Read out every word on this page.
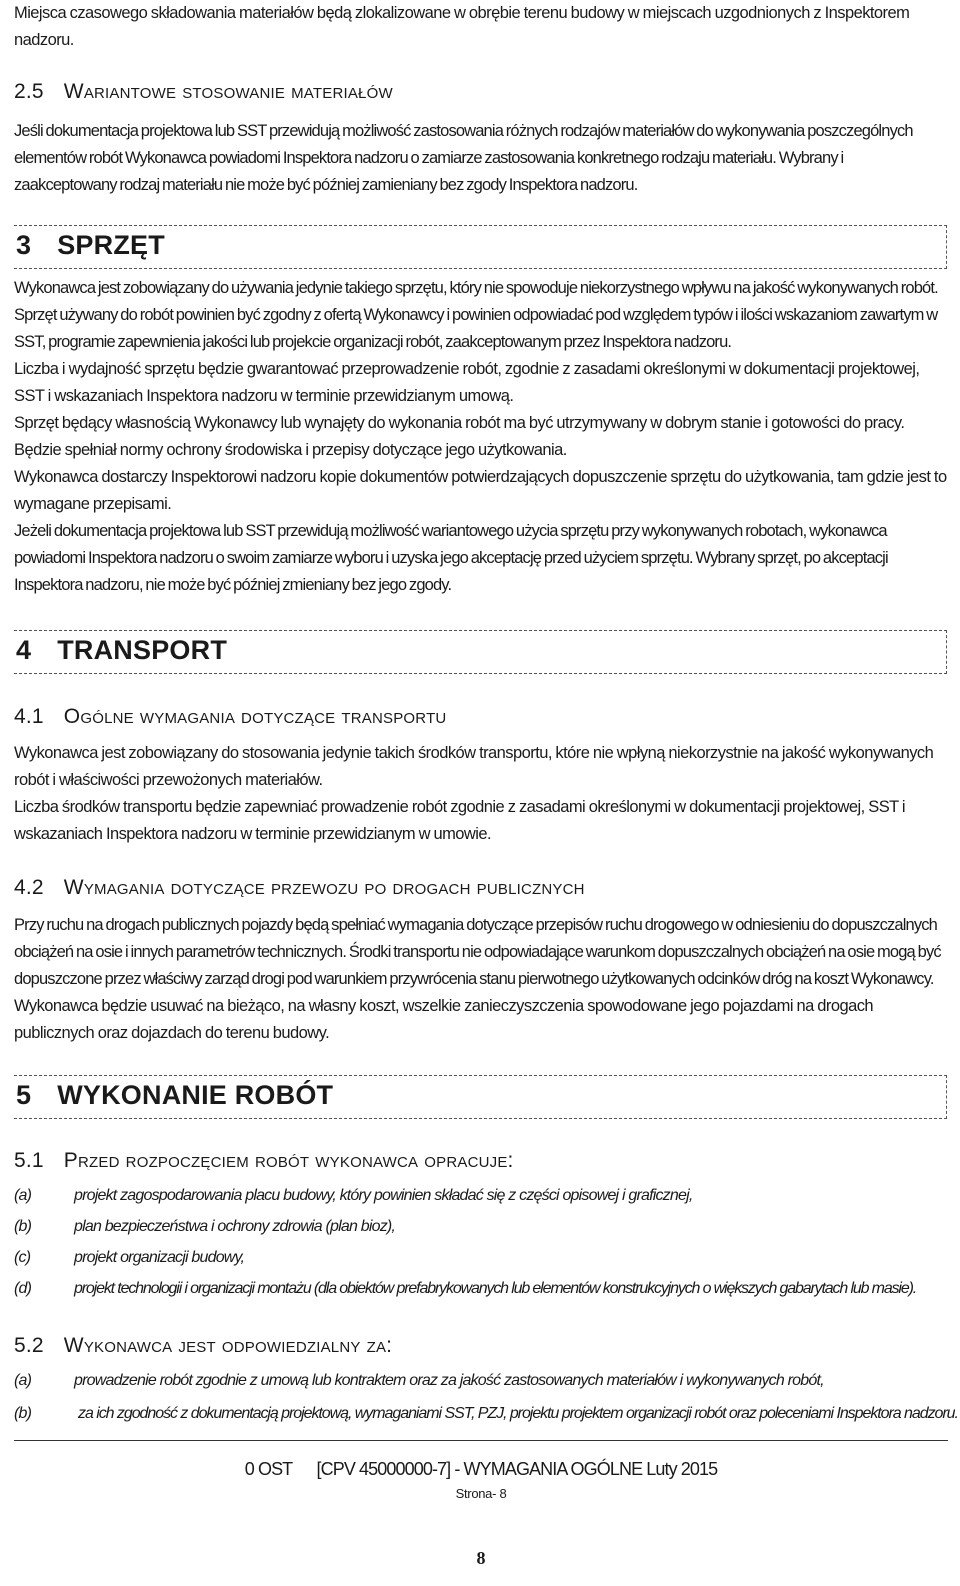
Miejsca czasowego składowania materiałów będą zlokalizowane w obrębie terenu budowy w miejscach uzgodnionych z Inspektorem nadzoru.

2.5 Wariantowe stosowanie materiałów

Jeśli dokumentacja projektowa lub SST przewidują możliwość zastosowania różnych rodzajów materiałów do wykonywania poszczególnych elementów robót Wykonawca powiadomi Inspektora nadzoru o zamiarze zastosowania konkretnego rodzaju materiału. Wybrany i zaakceptowany rodzaj materiału nie może być później zamieniany bez zgody Inspektora nadzoru.

3 SPRZĘT

Wykonawca jest zobowiązany do używania jedynie takiego sprzętu, który nie spowoduje niekorzystnego wpływu na jakość wykonywanych robót. Sprzęt używany do robót powinien być zgodny z ofertą Wykonawcy i powinien odpowiadać pod względem typów i ilości wskazaniom zawartym w SST, programie zapewnienia jakości lub projekcie organizacji robót, zaakceptowanym przez Inspektora nadzoru.

Liczba i wydajność sprzętu będzie gwarantować przeprowadzenie robót, zgodnie z zasadami określonymi w dokumentacji projektowej, SST i wskazaniach Inspektora nadzoru w terminie przewidzianym umową.

Sprzęt będący własnością Wykonawcy lub wynajęty do wykonania robót ma być utrzymywany w dobrym stanie i gotowości do pracy. Będzie spełniał normy ochrony środowiska i przepisy dotyczące jego użytkowania.

Wykonawca dostarczy Inspektorowi nadzoru kopie dokumentów potwierdzających dopuszczenie sprzętu do użytkowania, tam gdzie jest to wymagane przepisami.

Jeżeli dokumentacja projektowa lub SST przewidują możliwość wariantowego użycia sprzętu przy wykonywanych robotach, wykonawca powiadomi Inspektora nadzoru o swoim zamiarze wyboru i uzyska jego akceptację przed użyciem sprzętu. Wybrany sprzęt, po akceptacji Inspektora nadzoru, nie może być później zmieniany bez jego zgody.

4 TRANSPORT
4.1 Ogólne wymagania dotyczące transportu

Wykonawca jest zobowiązany do stosowania jedynie takich środków transportu, które nie wpłyną niekorzystnie na jakość wykonywanych robót i właściwości przewożonych materiałów.

Liczba środków transportu będzie zapewniać prowadzenie robót zgodnie z zasadami określonymi w dokumentacji projektowej, SST i wskazaniach Inspektora nadzoru w terminie przewidzianym w umowie.

4.2 Wymagania dotyczące przewozu po drogach publicznych

Przy ruchu na drogach publicznych pojazdy będą spełniać wymagania dotyczące przepisów ruchu drogowego w odniesieniu do dopuszczalnych obciążeń na osie i innych parametrów technicznych. Środki transportu nie odpowiadające warunkom dopuszczalnych obciążeń na osie mogą być dopuszczone przez właściwy zarząd drogi pod warunkiem przywrócenia stanu pierwotnego użytkowanych odcinków dróg na koszt Wykonawcy.

Wykonawca będzie usuwać na bieżąco, na własny koszt, wszelkie zanieczyszczenia spowodowane jego pojazdami na drogach publicznych oraz dojazdach do terenu budowy.

5 WYKONANIE ROBÓT
5.1 Przed rozpoczęciem robót wykonawca opracuje:
(a)	projekt zagospodarowania placu budowy, który powinien składać się z części opisowej i graficznej,
(b)	plan bezpieczeństwa i ochrony zdrowia (plan bioz),
(c)	projekt organizacji budowy,
(d)	projekt technologii i organizacji montażu (dla obiektów prefabrykowanych lub elementów konstrukcyjnych o większych gabarytach lub masie).
5.2 Wykonawca jest odpowiedzialny za:
(a)	prowadzenie robót zgodnie z umową lub kontraktem oraz za jakość zastosowanych materiałów i wykonywanych robót,
(b)	za ich zgodność z dokumentacją projektową, wymaganiami SST, PZJ, projektu projektem organizacji robót oraz poleceniami Inspektora nadzoru.
0 OST      [CPV 45000000-7] - WYMAGANIA OGÓLNE Luty 2015
Strona- 8
8
